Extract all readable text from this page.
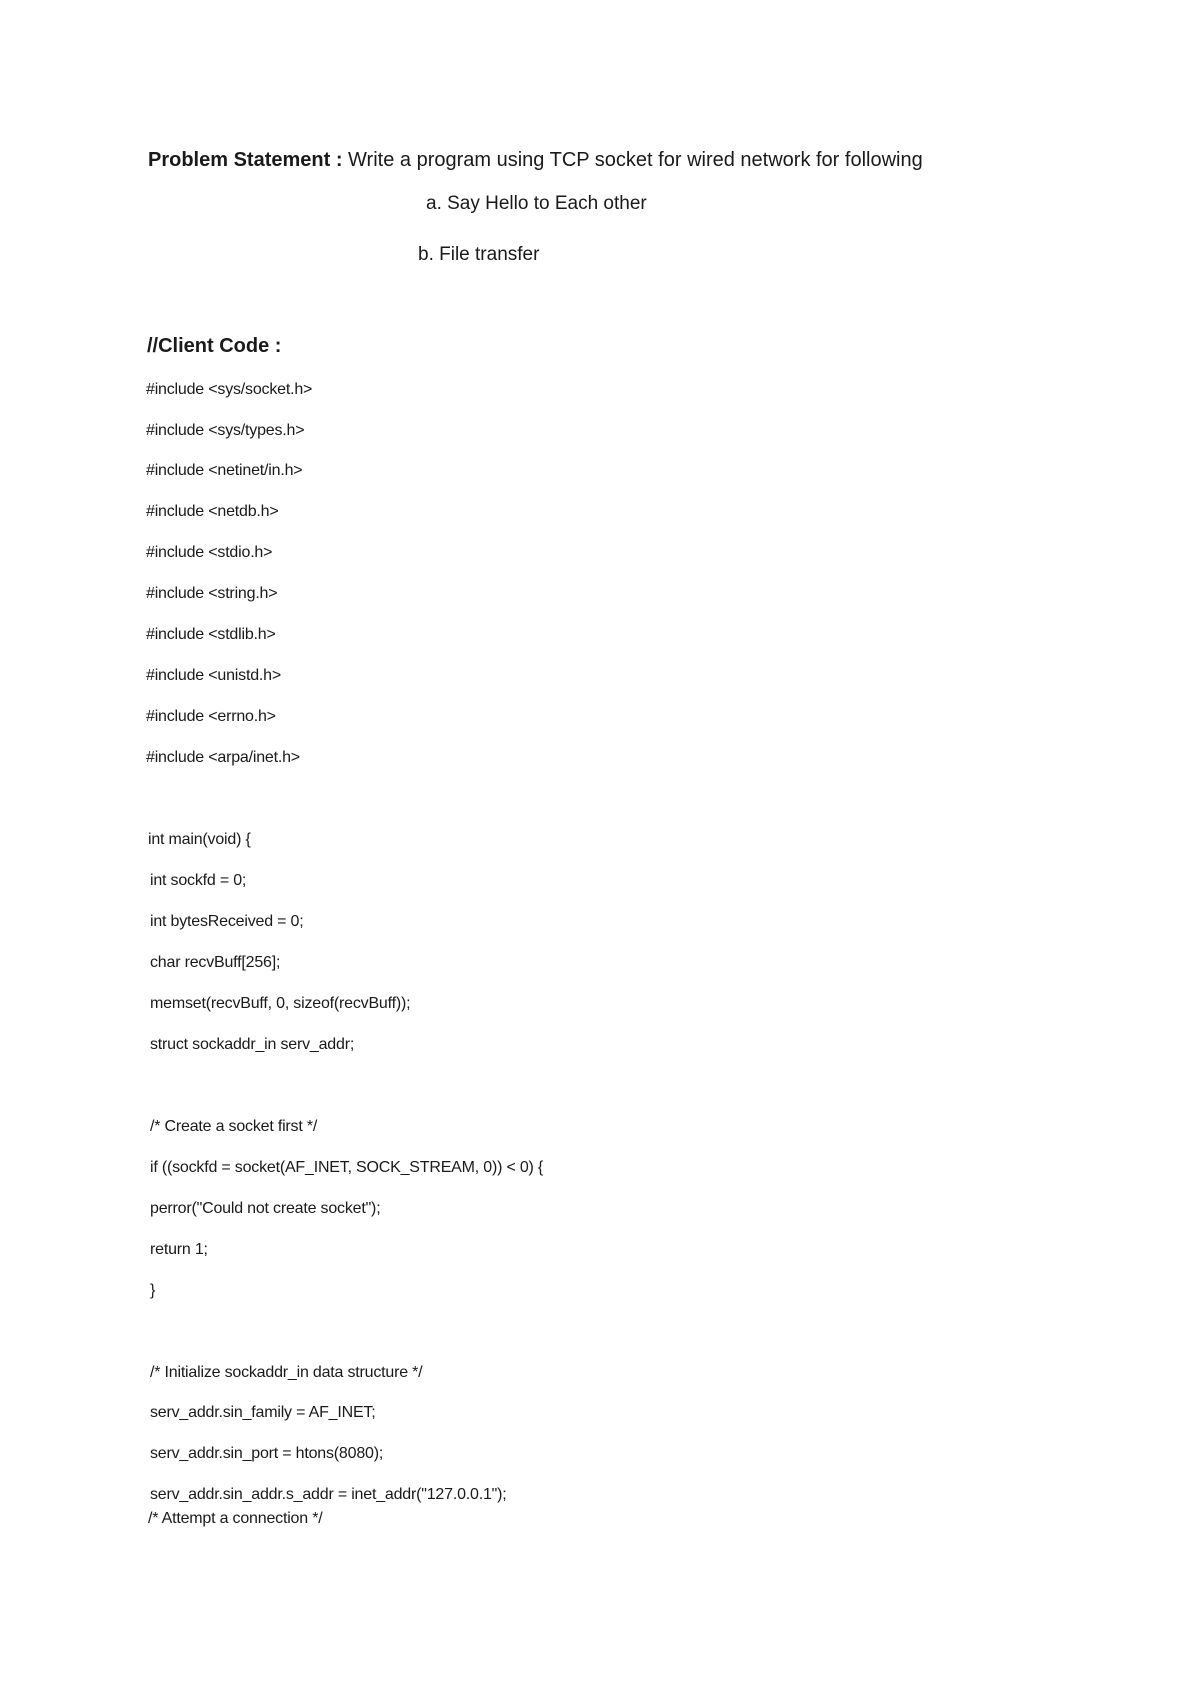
Problem Statement : Write a program using TCP socket for wired network for following
a. Say Hello to Each other
b. File transfer
//Client Code :
#include <sys/socket.h>
#include <sys/types.h>
#include <netinet/in.h>
#include <netdb.h>
#include <stdio.h>
#include <string.h>
#include <stdlib.h>
#include <unistd.h>
#include <errno.h>
#include <arpa/inet.h>
int main(void) {
int sockfd = 0;
int bytesReceived = 0;
char recvBuff[256];
memset(recvBuff, 0, sizeof(recvBuff));
struct sockaddr_in serv_addr;
/* Create a socket first */
if ((sockfd = socket(AF_INET, SOCK_STREAM, 0)) < 0) {
perror("Could not create socket");
return 1;
}
/* Initialize sockaddr_in data structure */
serv_addr.sin_family = AF_INET;
serv_addr.sin_port = htons(8080);
serv_addr.sin_addr.s_addr = inet_addr("127.0.0.1");
/* Attempt a connection */
